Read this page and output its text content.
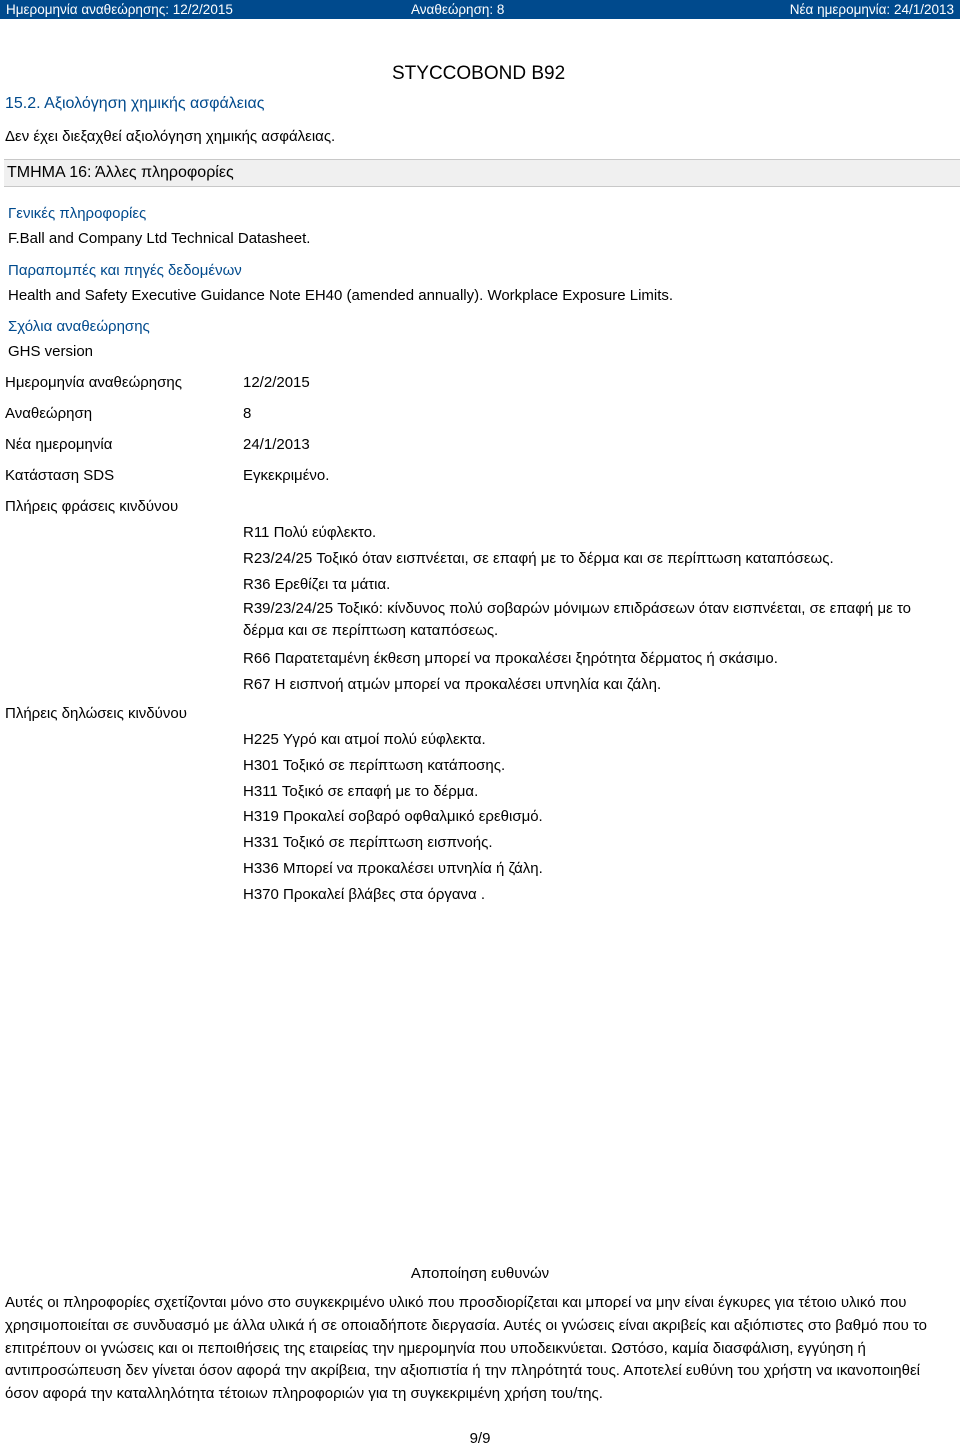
Ημερομηνία αναθεώρησης: 12/2/2015	Αναθεώρηση: 8	Νέα ημερομηνία: 24/1/2013
STYCCOBOND B92
15.2. Αξιολόγηση χημικής ασφάλειας
Δεν έχει διεξαχθεί αξιολόγηση χημικής ασφάλειας.
ΤΜΗΜΑ 16: Άλλες πληροφορίες
Γενικές πληροφορίες
F.Ball and Company Ltd Technical Datasheet.
Παραπομπές και πηγές δεδομένων
Health and Safety Executive Guidance Note EH40 (amended annually). Workplace Exposure Limits.
Σχόλια αναθεώρησης
GHS version
Ημερομηνία αναθεώρησης	12/2/2015
Αναθεώρηση	8
Νέα ημερομηνία	24/1/2013
Κατάσταση SDS	Εγκεκριμένο.
Πλήρεις φράσεις κινδύνου
R11 Πολύ εύφλεκτο.
R23/24/25 Τοξικό όταν εισπνέεται, σε επαφή με το δέρμα και σε περίπτωση καταπόσεως.
R36 Ερεθίζει τα μάτια.
R39/23/24/25 Τοξικό: κίνδυνος πολύ σοβαρών μόνιμων επιδράσεων όταν εισπνέεται, σε επαφή με το δέρμα και σε περίπτωση καταπόσεως.
R66 Παρατεταμένη έκθεση μπορεί να προκαλέσει ξηρότητα δέρματος ή σκάσιμο.
R67 Η εισπνοή ατμών μπορεί να προκαλέσει υπνηλία και ζάλη.
Πλήρεις δηλώσεις κινδύνου
H225 Υγρό και ατμοί πολύ εύφλεκτα.
H301 Τοξικό σε περίπτωση κατάποσης.
H311 Τοξικό σε επαφή με το δέρμα.
H319 Προκαλεί σοβαρό οφθαλμικό ερεθισμό.
H331 Τοξικό σε περίπτωση εισπνοής.
H336 Μπορεί να προκαλέσει υπνηλία ή ζάλη.
H370 Προκαλεί βλάβες στα όργανα .
Αποποίηση ευθυνών

Αυτές οι πληροφορίες σχετίζονται μόνο στο συγκεκριμένο υλικό που προσδιορίζεται και μπορεί να μην είναι έγκυρες για τέτοιο υλικό που χρησιμοποιείται σε συνδυασμό με άλλα υλικά ή σε οποιαδήποτε διεργασία. Αυτές οι γνώσεις είναι ακριβείς και αξιόπιστες στο βαθμό που το επιτρέπουν οι γνώσεις και οι πεποιθήσεις της εταιρείας την ημερομηνία που υποδεικνύεται. Ωστόσο, καμία διασφάλιση, εγγύηση ή αντιπροσώπευση δεν γίνεται όσον αφορά την ακρίβεια, την αξιοπιστία ή την πληρότητά τους. Αποτελεί ευθύνη του χρήστη να ικανοποιηθεί όσον αφορά την καταλληλότητα τέτοιων πληροφοριών για τη συγκεκριμένη χρήση του/της.

9/9
